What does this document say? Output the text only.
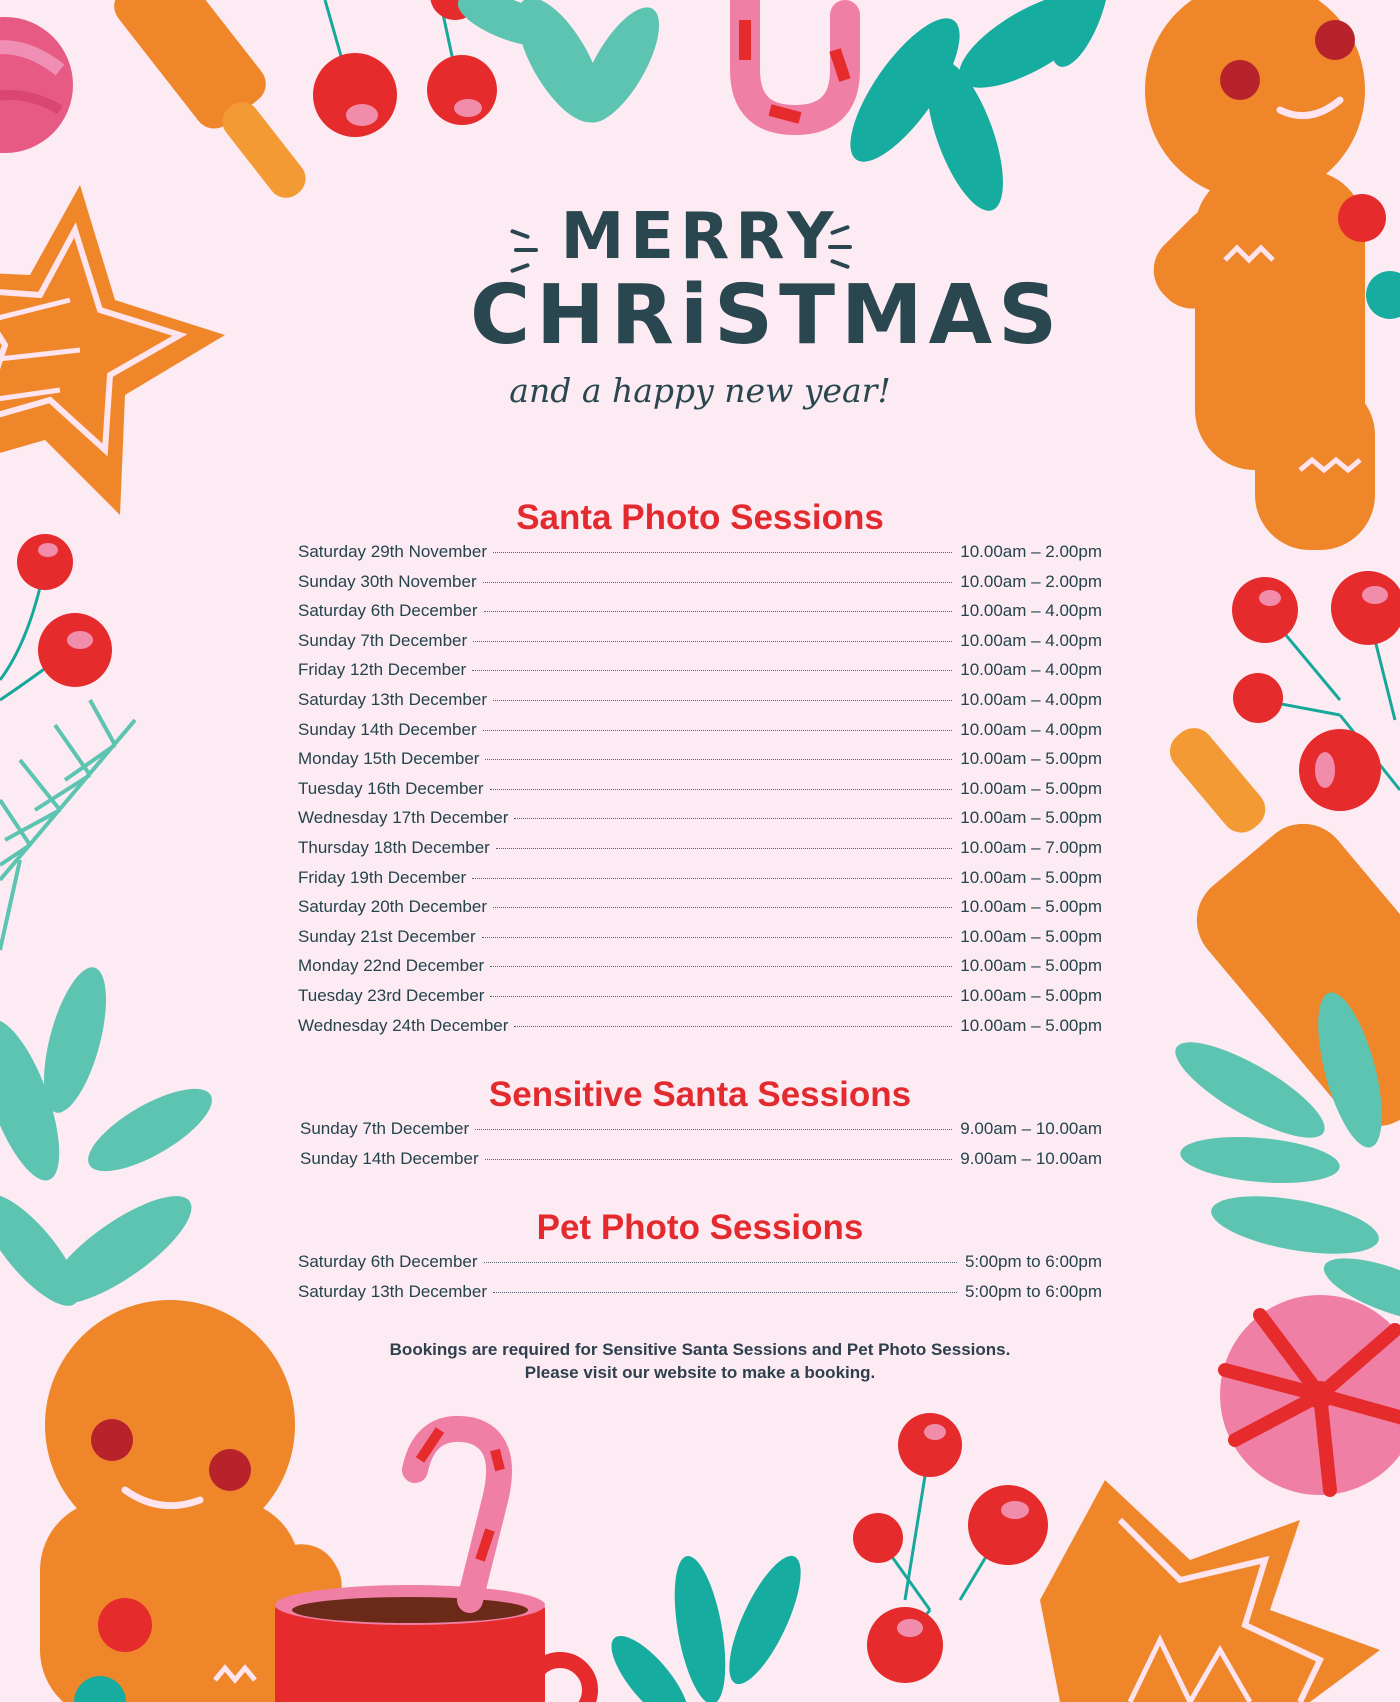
MERRY
CHRiSTMAS
and a happy new year!
Santa Photo Sessions
Saturday 29th November	10.00am – 2.00pm
Sunday 30th November	10.00am – 2.00pm
Saturday 6th December	10.00am – 4.00pm
Sunday 7th December	10.00am – 4.00pm
Friday 12th December	10.00am – 4.00pm
Saturday 13th December	10.00am – 4.00pm
Sunday 14th December	10.00am – 4.00pm
Monday 15th December	10.00am – 5.00pm
Tuesday 16th December	10.00am – 5.00pm
Wednesday 17th December	10.00am – 5.00pm
Thursday 18th December	10.00am – 7.00pm
Friday 19th December	10.00am – 5.00pm
Saturday 20th December	10.00am – 5.00pm
Sunday 21st December	10.00am – 5.00pm
Monday 22nd December	10.00am – 5.00pm
Tuesday 23rd December	10.00am – 5.00pm
Wednesday 24th December	10.00am – 5.00pm
Sensitive Santa Sessions
Sunday 7th December	9.00am – 10.00am
Sunday 14th December	9.00am – 10.00am
Pet Photo Sessions
Saturday 6th December	5:00pm to 6:00pm
Saturday 13th December	5:00pm to 6:00pm
Bookings are required for Sensitive Santa Sessions and Pet Photo Sessions.
Please visit our website to make a booking.
